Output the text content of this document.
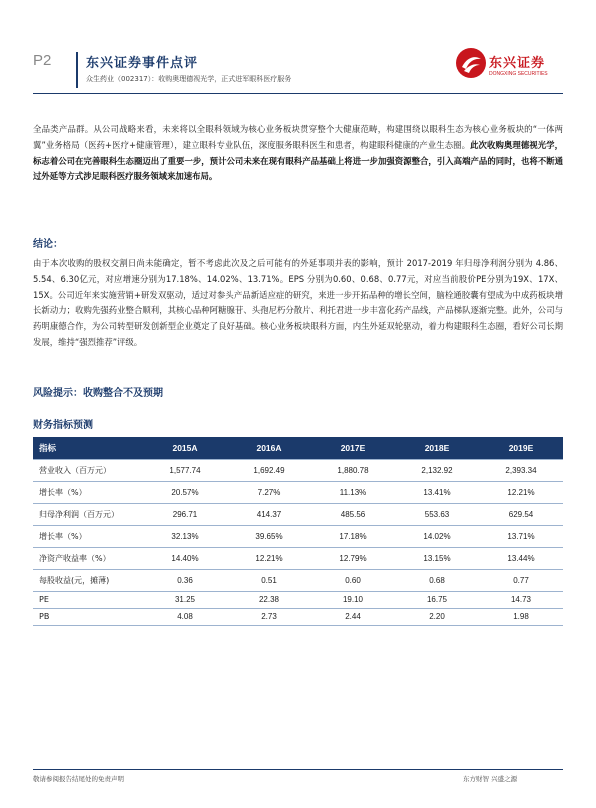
P2	东兴证券事件点评
众生药业（002317）：收购奥理德视光学，正式进军眼科医疗服务
东兴证券
DONGXING SECURITIES
全品类产品群。从公司战略来看，未来将以全眼科领域为核心业务板块贯穿整个大健康范畴，构建围绕以眼科生态为核心业务板块的“一体两翼”业务格局（医药+医疗+健康管理），建立眼科专业队伍，深度服务眼科医生和患者，构建眼科健康的产业生态圈。此次收购奥理德视光学，标志着公司在完善眼科生态圈迈出了重要一步，预计公司未来在现有眼科产品基础上将进一步加强资源整合，引入高端产品的同时，也将不断通过外延等方式涉足眼科医疗服务领域来加速布局。
结论：
由于本次收购的股权交割日尚未能确定，暂不考虑此次及之后可能有的外延事项并表的影响，预计 2017-2019 年归母净利润分别为 4.86、5.54、6.30亿元，对应增速分别为17.18%、14.02%、13.71%。EPS 分别为0.60、0.68、0.77元，对应当前股价PE分别为19X、17X、15X。公司近年来实施营销+研发双驱动，适过对参头产品新适应症的研究，来进一步开拓品种的增长空间，脑栓通胶囊有望成为中成药板块增长新动力；收购先强药业整合顺利，其核心品种阿糖腺苷、头孢尼朽分散片、利托君进一步丰富化药产品线，产品梯队逐渐完整。此外，公司与药明康德合作，为公司转型研发创新型企业奠定了良好基础。核心业务板块眼科方面，内生外延双轮驱动，着力构建眼科生态圈，看好公司长期发展，维持“强烈推荐”评级。
风险提示：收购整合不及预期
财务指标预测
指标	2015A	2016A	2017E	2018E	2019E
营业收入（百万元）	1,577.74	1,692.49	1,880.78	2,132.92	2,393.34
增长率（%）	20.57%	7.27%	11.13%	13.41%	12.21%
归母净利润（百万元）	296.71	414.37	485.56	553.63	629.54
增长率（%）	32.13%	39.65%	17.18%	14.02%	13.71%
净资产收益率（%）	14.40%	12.21%	12.79%	13.15%	13.44%
每股收益(元，摊薄)	0.36	0.51	0.60	0.68	0.77
PE	31.25	22.38	19.10	16.75	14.73
PB	4.08	2.73	2.44	2.20	1.98
敬请参阅报告结尾处的免责声明	东方财智 兴盛之源
